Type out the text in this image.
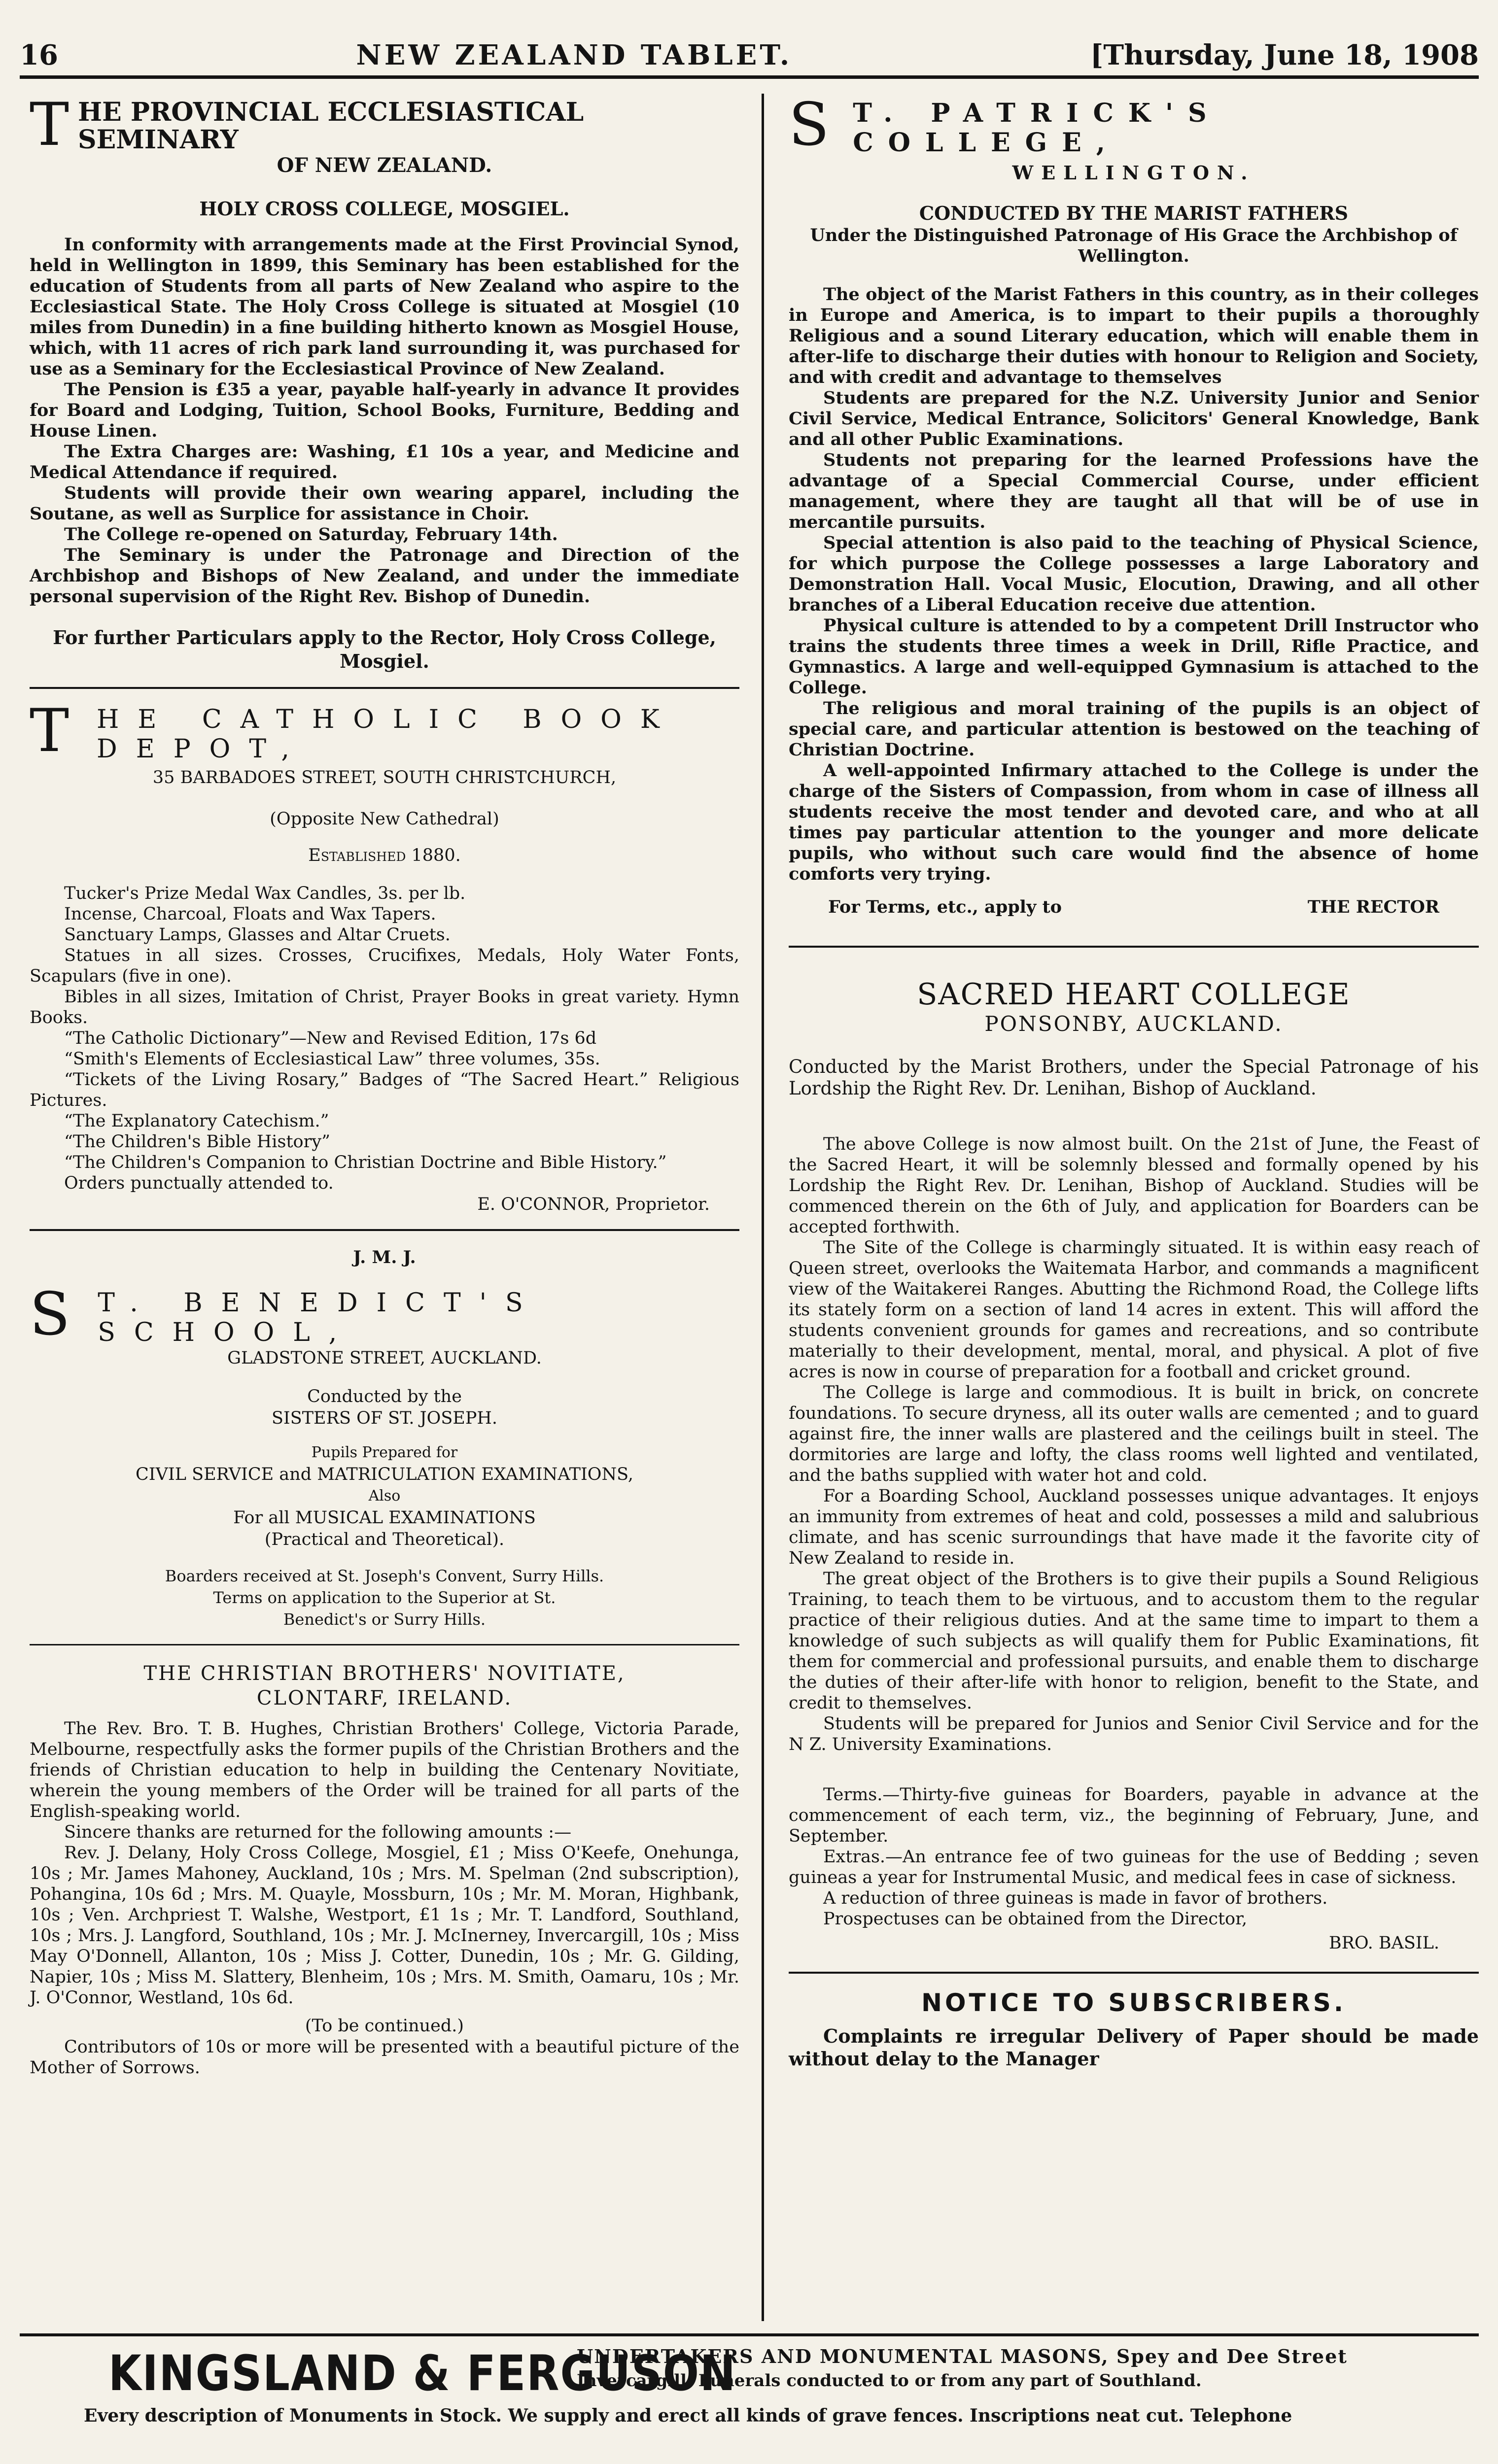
16	NEW ZEALAND TABLET.	[Thursday, June 18, 1908
T HE PROVINCIAL ECCLESIASTICAL SEMINARY
OF NEW ZEALAND.
HOLY CROSS COLLEGE, MOSGIEL.

In conformity with arrangements made at the First Provincial Synod, held in Wellington in 1899, this Seminary has been established for the education of Students from all parts of New Zealand who aspire to the Ecclesiastical State. The Holy Cross College is situated at Mosgiel (10 miles from Dunedin) in a fine building hitherto known as Mosgiel House, which, with 11 acres of rich park land surrounding it, was purchased for use as a Seminary for the Ecclesiastical Province of New Zealand.

The Pension is £35 a year, payable half-yearly in advance It provides for Board and Lodging, Tuition, School Books, Furniture, Bedding and House Linen.

The Extra Charges are: Washing, £1 10s a year, and Medicine and Medical Attendance if required.

Students will provide their own wearing apparel, including the Soutane, as well as Surplice for assistance in Choir.

The College re-opened on Saturday, February 14th.

The Seminary is under the Patronage and Direction of the Archbishop and Bishops of New Zealand, and under the immediate personal supervision of the Right Rev. Bishop of Dunedin.

For further Particulars apply to the Rector, Holy Cross College, Mosgiel.
T HE CATHOLIC BOOK DEPOT,
35 BARBADOES STREET, SOUTH CHRISTCHURCH,
(Opposite New Cathedral)
Established 1880.

Tucker's Prize Medal Wax Candles, 3s. per lb.

Incense, Charcoal, Floats and Wax Tapers.

Sanctuary Lamps, Glasses and Altar Cruets.

Statues in all sizes. Crosses, Crucifixes, Medals, Holy Water Fonts, Scapulars (five in one).

Bibles in all sizes, Imitation of Christ, Prayer Books in great variety. Hymn Books.

“The Catholic Dictionary”—New and Revised Edition, 17s 6d

“Smith's Elements of Ecclesiastical Law” three volumes, 35s.

“Tickets of the Living Rosary,” Badges of “The Sacred Heart.” Religious Pictures.

“The Explanatory Catechism.”

“The Children's Bible History”

“The Children's Companion to Christian Doctrine and Bible History.”

Orders punctually attended to.

E. O'CONNOR, Proprietor.
J. M. J.
S T. BENEDICT'S SCHOOL,
GLADSTONE STREET, AUCKLAND.
Conducted by the
SISTERS OF ST. JOSEPH.
Pupils Prepared for
CIVIL SERVICE and MATRICULATION EXAMINATIONS,
Also
For all MUSICAL EXAMINATIONS
(Practical and Theoretical).
Boarders received at St. Joseph's Convent, Surry Hills.
Terms on application to the Superior at St.
Benedict's or Surry Hills.
THE CHRISTIAN BROTHERS' NOVITIATE,
CLONTARF, IRELAND.

The Rev. Bro. T. B. Hughes, Christian Brothers' College, Victoria Parade, Melbourne, respectfully asks the former pupils of the Christian Brothers and the friends of Christian education to help in building the Centenary Novitiate, wherein the young members of the Order will be trained for all parts of the English-speaking world.

Sincere thanks are returned for the following amounts :—

Rev. J. Delany, Holy Cross College, Mosgiel, £1 ; Miss O'Keefe, Onehunga, 10s ; Mr. James Mahoney, Auckland, 10s ; Mrs. M. Spelman (2nd subscription), Pohangina, 10s 6d ; Mrs. M. Quayle, Mossburn, 10s ; Mr. M. Moran, Highbank, 10s ; Ven. Archpriest T. Walshe, Westport, £1 1s ; Mr. T. Landford, Southland, 10s ; Mrs. J. Langford, Southland, 10s ; Mr. J. McInerney, Invercargill, 10s ; Miss May O'Donnell, Allanton, 10s ; Miss J. Cotter, Dunedin, 10s ; Mr. G. Gilding, Napier, 10s ; Miss M. Slattery, Blenheim, 10s ; Mrs. M. Smith, Oamaru, 10s ; Mr. J. O'Connor, Westland, 10s 6d.

(To be continued.)

Contributors of 10s or more will be presented with a beautiful picture of the Mother of Sorrows.

S T. PATRICK'S COLLEGE,
WELLINGTON.
CONDUCTED BY THE MARIST FATHERS
Under the Distinguished Patronage of His Grace the Archbishop of Wellington.

The object of the Marist Fathers in this country, as in their colleges in Europe and America, is to impart to their pupils a thoroughly Religious and a sound Literary education, which will enable them in after-life to discharge their duties with honour to Religion and Society, and with credit and advantage to themselves

Students are prepared for the N.Z. University Junior and Senior Civil Service, Medical Entrance, Solicitors' General Knowledge, Bank and all other Public Examinations.

Students not preparing for the learned Professions have the advantage of a Special Commercial Course, under efficient management, where they are taught all that will be of use in mercantile pursuits.

Special attention is also paid to the teaching of Physical Science, for which purpose the College possesses a large Laboratory and Demonstration Hall. Vocal Music, Elocution, Drawing, and all other branches of a Liberal Education receive due attention.

Physical culture is attended to by a competent Drill Instructor who trains the students three times a week in Drill, Rifle Practice, and Gymnastics. A large and well-equipped Gymnasium is attached to the College.

The religious and moral training of the pupils is an object of special care, and particular attention is bestowed on the teaching of Christian Doctrine.

A well-appointed Infirmary attached to the College is under the charge of the Sisters of Compassion, from whom in case of illness all students receive the most tender and devoted care, and who at all times pay particular attention to the younger and more delicate pupils, who without such care would find the absence of home comforts very trying.

For Terms, etc., apply to	THE RECTOR
SACRED HEART COLLEGE
PONSONBY, AUCKLAND.

Conducted by the Marist Brothers, under the Special Patronage of his Lordship the Right Rev. Dr. Lenihan, Bishop of Auckland.

The above College is now almost built. On the 21st of June, the Feast of the Sacred Heart, it will be solemnly blessed and formally opened by his Lordship the Right Rev. Dr. Lenihan, Bishop of Auckland. Studies will be commenced therein on the 6th of July, and application for Boarders can be accepted forthwith.

The Site of the College is charmingly situated. It is within easy reach of Queen street, overlooks the Waitemata Harbor, and commands a magnificent view of the Waitakerei Ranges. Abutting the Richmond Road, the College lifts its stately form on a section of land 14 acres in extent. This will afford the students convenient grounds for games and recreations, and so contribute materially to their development, mental, moral, and physical. A plot of five acres is now in course of preparation for a football and cricket ground.

The College is large and commodious. It is built in brick, on concrete foundations. To secure dryness, all its outer walls are cemented ; and to guard against fire, the inner walls are plastered and the ceilings built in steel. The dormitories are large and lofty, the class rooms well lighted and ventilated, and the baths supplied with water hot and cold.

For a Boarding School, Auckland possesses unique advantages. It enjoys an immunity from extremes of heat and cold, possesses a mild and salubrious climate, and has scenic surroundings that have made it the favorite city of New Zealand to reside in.

The great object of the Brothers is to give their pupils a Sound Religious Training, to teach them to be virtuous, and to accustom them to the regular practice of their religious duties. And at the same time to impart to them a knowledge of such subjects as will qualify them for Public Examinations, fit them for commercial and professional pursuits, and enable them to discharge the duties of their after-life with honor to religion, benefit to the State, and credit to themselves.

Students will be prepared for Junios and Senior Civil Service and for the N Z. University Examinations.

Terms.—Thirty-five guineas for Boarders, payable in advance at the commencement of each term, viz., the beginning of February, June, and September.

Extras.—An entrance fee of two guineas for the use of Bedding ; seven guineas a year for Instrumental Music, and medical fees in case of sickness.

A reduction of three guineas is made in favor of brothers.

Prospectuses can be obtained from the Director,

BRO. BASIL.
NOTICE TO SUBSCRIBERS.

Complaints re irregular Delivery of Paper should be made without delay to the Manager

KINGSLAND & FERGUSON
UNDERTAKERS AND MONUMENTAL MASONS, Spey and Dee Street
Invercargill. Funerals conducted to or from any part of Southland.
Every description of Monuments in Stock. We supply and erect all kinds of grave fences. Inscriptions neat cut. Telephone
